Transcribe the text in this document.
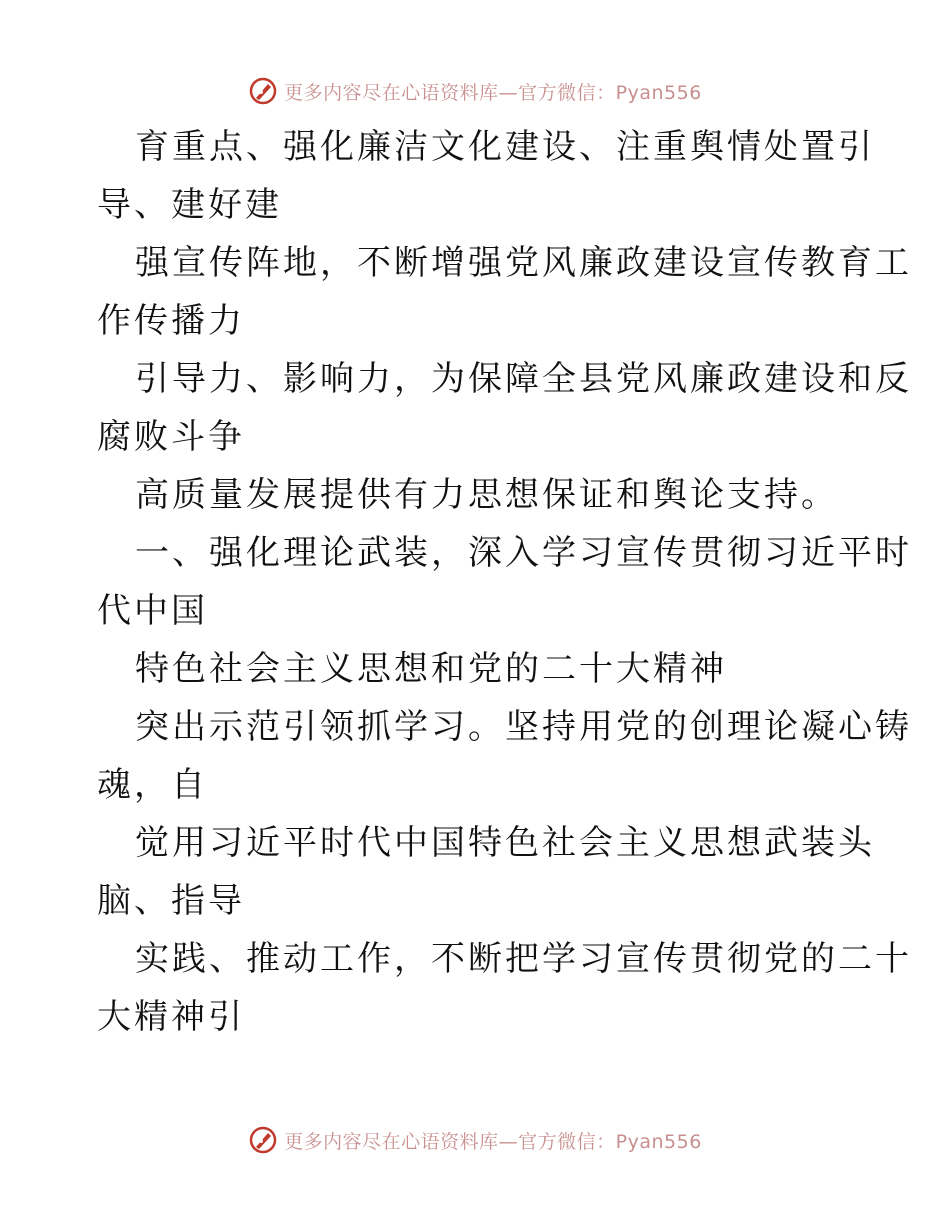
更多内容尽在心语资料库—官方微信：Pyan556
育重点、强化廉洁文化建设、注重舆情处置引
导、建好建
强宣传阵地，不断增强党风廉政建设宣传教育工
作传播力
引导力、影响力，为保障全县党风廉政建设和反
腐败斗争
高质量发展提供有力思想保证和舆论支持。
一、强化理论武装，深入学习宣传贯彻习近平时
代中国
特色社会主义思想和党的二十大精神
突出示范引领抓学习。坚持用党的创理论凝心铸
魂，自
觉用习近平时代中国特色社会主义思想武装头
脑、指导
实践、推动工作，不断把学习宣传贯彻党的二十
大精神引
更多内容尽在心语资料库—官方微信：Pyan556
